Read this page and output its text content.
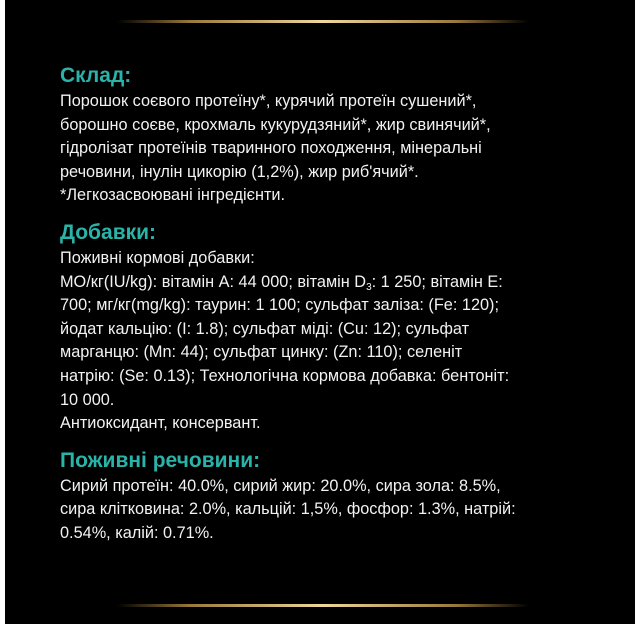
Склад:

Порошок соєвого протеїну*, курячий протеїн сушений*,

борошно соєве, крохмаль кукурудзяний*, жир свинячий*,

гідролізат протеїнів тваринного походження, мінеральні

речовини, інулін цикорію (1,2%), жир риб'ячий*.

*Легкозасвоювані інгредієнти.

Добавки:

Поживні кормові добавки:

МО/кг(IU/kg): вітамін А: 44 000; вітамін $D_3$: 1 250; вітамін Е:

700; мг/кг(mg/kg): таурин: 1 100; сульфат заліза: (Fe: 120);

йодат кальцію: (I: 1.8); сульфат міді: (Cu: 12); сульфат

марганцю: (Mn: 44); сульфат цинку: (Zn: 110); селеніт

натрію: (Se: 0.13); Технологічна кормова добавка: бентоніт:

10 000.

Антиоксидант, консервант.

Поживні речовини:

Сирий протеїн: 40.0%, сирий жир: 20.0%, сира зола: 8.5%,

сира клітковина: 2.0%, кальцій: 1,5%, фосфор: 1.3%, натрій:

0.54%, калій: 0.71%.
